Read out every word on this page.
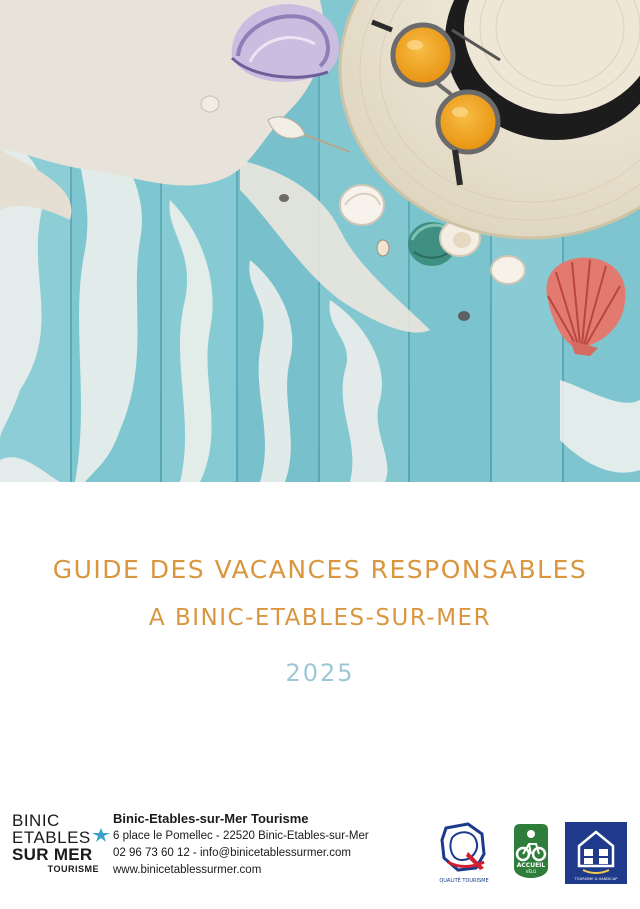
GUIDE DES VACANCES RESPONSABLES
A BINIC-ETABLES-SUR-MER
2025
BINIC
ETABLES
SUR MER
TOURISME
Binic-Etables-sur-Mer Tourisme
6 place le Pomellec - 22520 Binic-Etables-sur-Mer
02 96 73 60 12 - info@binicetablessurmer.com
www.binicetablessurmer.com
QUALITÉ TOURISME
ACCUEIL
VÉLO
TOURISME & HANDICAP
